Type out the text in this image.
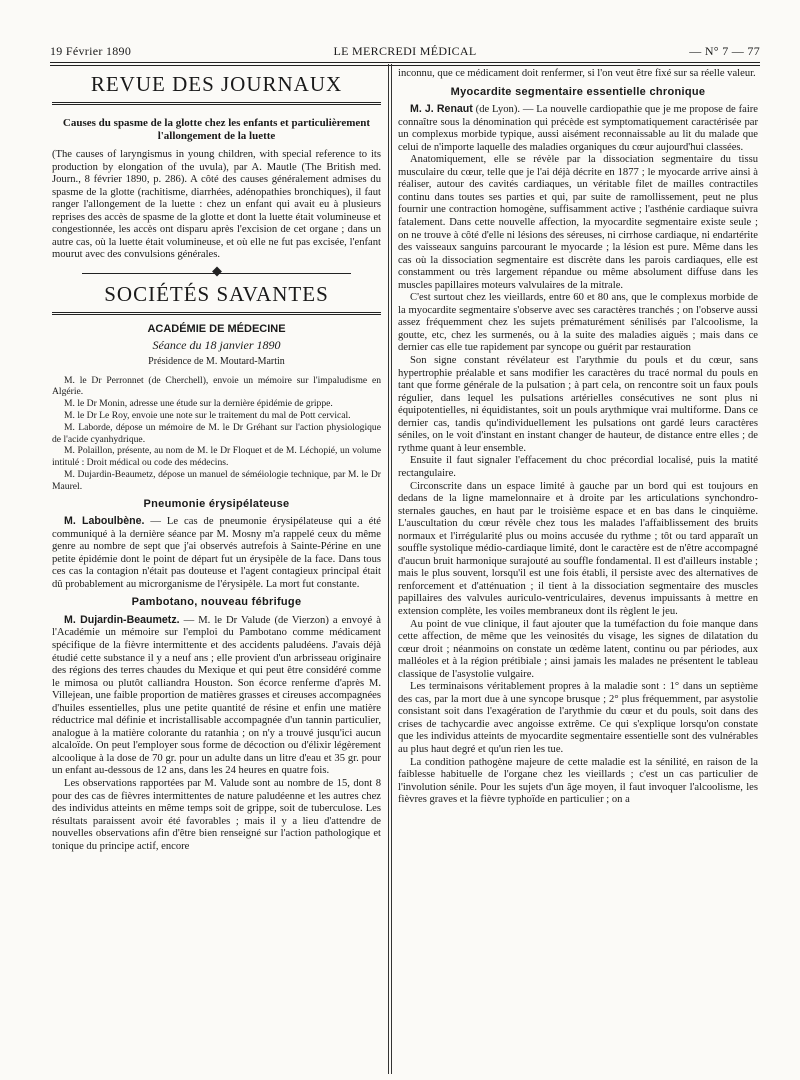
19 Février 1890	LE MERCREDI MÉDICAL	— N° 7 — 77
REVUE DES JOURNAUX
Causes du spasme de la glotte chez les enfants et particulièrement l'allongement de la luette

(The causes of laryngismus in young children, with special reference to its production by elongation of the uvula), par A. Mautle (The British med. Journ., 8 février 1890, p. 286). A côté des causes généralement admises du spasme de la glotte (rachitisme, diarrhées, adénopathies bronchiques), il faut ranger l'allongement de la luette : chez un enfant qui avait eu à plusieurs reprises des accès de spasme de la glotte et dont la luette était volumineuse et congestionnée, les accès ont disparu après l'excision de cet organe ; dans un autre cas, où la luette était volumineuse, et où elle ne fut pas excisée, l'enfant mourut avec des convulsions générales.

SOCIÉTÉS SAVANTES
ACADÉMIE DE MÉDECINE
Séance du 18 janvier 1890
Présidence de M. Moutard-Martin

M. le Dr Perronnet (de Cherchell), envoie un mémoire sur l'impaludisme en Algérie.

M. le Dr Monin, adresse une étude sur la dernière épidémie de grippe.

M. le Dr Le Roy, envoie une note sur le traitement du mal de Pott cervical.

M. Laborde, dépose un mémoire de M. le Dr Gréhant sur l'action physiologique de l'acide cyanhydrique.

M. Polaillon, présente, au nom de M. le Dr Floquet et de M. Léchopié, un volume intitulé : Droit médical ou code des médecins.

M. Dujardin-Beaumetz, dépose un manuel de séméiologie technique, par M. le Dr Maurel.

Pneumonie érysipélateuse

M. Laboulbène. — Le cas de pneumonie érysipélateuse qui a été communiqué à la dernière séance par M. Mosny m'a rappelé ceux du même genre au nombre de sept que j'ai observés autrefois à Sainte-Périne en une petite épidémie dont le point de départ fut un érysipèle de la face. Dans tous ces cas la contagion n'était pas douteuse et l'agent contagieux principal était dû probablement au microrganisme de l'érysipèle. La mort fut constante.

Pambotano, nouveau fébrifuge

M. Dujardin-Beaumetz. — M. le Dr Valude (de Vierzon) a envoyé à l'Académie un mémoire sur l'emploi du Pambotano comme médicament spécifique de la fièvre intermittente et des accidents paludéens. J'avais déjà étudié cette substance il y a neuf ans ; elle provient d'un arbrisseau originaire des régions des terres chaudes du Mexique et qui peut être considéré comme le mimosa ou plutôt calliandra Houston. Son écorce renferme d'après M. Villejean, une faible proportion de matières grasses et cireuses accompagnées d'huiles essentielles, plus une petite quantité de résine et enfin une matière réductrice mal définie et incristallisable accompagnée d'un tannin particulier, analogue à la matière colorante du ratanhia ; on n'y a trouvé jusqu'ici aucun alcaloïde. On peut l'employer sous forme de décoction ou d'élixir légèrement alcoolique à la dose de 70 gr. pour un adulte dans un litre d'eau et 35 gr. pour un enfant au-dessous de 12 ans, dans les 24 heures en quatre fois.

Les observations rapportées par M. Valude sont au nombre de 15, dont 8 pour des cas de fièvres intermittentes de nature paludéenne et les autres chez des individus atteints en même temps soit de grippe, soit de tuberculose. Les résultats paraissent avoir été favorables ; mais il y a lieu d'attendre de nouvelles observations afin d'être bien renseigné sur l'action pathologique et tonique du principe actif, encore

inconnu, que ce médicament doit renfermer, si l'on veut être fixé sur sa réelle valeur.

Myocardite segmentaire essentielle chronique

M. J. Renaut (de Lyon). — La nouvelle cardiopathie que je me propose de faire connaître sous la dénomination qui précède est symptomatiquement caractérisée par un complexus morbide typique, aussi aisément reconnaissable au lit du malade que celui de n'importe laquelle des maladies organiques du cœur aujourd'hui classées.

Anatomiquement, elle se révèle par la dissociation segmentaire du tissu musculaire du cœur, telle que je l'ai déjà décrite en 1877 ; le myocarde arrive ainsi à réaliser, autour des cavités cardiaques, un véritable filet de mailles contractiles continu dans toutes ses parties et qui, par suite de ramollissement, peut ne plus fournir une contraction homogène, suffisamment active ; l'asthénie cardiaque suivra fatalement. Dans cette nouvelle affection, la myocardite segmentaire existe seule ; on ne trouve à côté d'elle ni lésions des séreuses, ni cirrhose cardiaque, ni endartérite des vaisseaux sanguins parcourant le myocarde ; la lésion est pure. Même dans les cas où la dissociation segmentaire est discrète dans les parois cardiaques, elle est constamment ou très largement répandue ou même absolument diffuse dans les muscles papillaires moteurs valvulaires de la mitrale.

C'est surtout chez les vieillards, entre 60 et 80 ans, que le complexus morbide de la myocardite segmentaire s'observe avec ses caractères tranchés ; on l'observe aussi assez fréquemment chez les sujets prématurément sénilisés par l'alcoolisme, la goutte, etc, chez les surmenés, ou à la suite des maladies aiguës ; mais dans ce dernier cas elle tue rapidement par syncope ou guérit par restauration

Son signe constant révélateur est l'arythmie du pouls et du cœur, sans hypertrophie préalable et sans modifier les caractères du tracé normal du pouls en tant que forme générale de la pulsation ; à part cela, on rencontre soit un faux pouls régulier, dans lequel les pulsations artérielles consécutives ne sont plus ni équipotentielles, ni équidistantes, soit un pouls arythmique vrai multiforme. Dans ce dernier cas, tandis qu'individuellement les pulsations ont gardé leurs caractères séniles, on le voit d'instant en instant changer de hauteur, de distance entre elles ; de rythme quant à leur ensemble.

Ensuite il faut signaler l'effacement du choc précordial localisé, puis la matité rectangulaire.

Circonscrite dans un espace limité à gauche par un bord qui est toujours en dedans de la ligne mamelonnaire et à droite par les articulations synchondro-sternales gauches, en haut par le troisième espace et en bas dans le cinquième. L'auscultation du cœur révèle chez tous les malades l'affaiblissement des bruits normaux et l'irrégularité plus ou moins accusée du rythme ; tôt ou tard apparaît un souffle systolique médio-cardiaque limité, dont le caractère est de n'être accompagné d'aucun bruit harmonique surajouté au souffle fondamental. Il est d'ailleurs instable ; mais le plus souvent, lorsqu'il est une fois établi, il persiste avec des alternatives de renforcement et d'atténuation ; il tient à la dissociation segmentaire des muscles papillaires des valvules auriculo-ventriculaires, devenus impuissants à mettre en extension complète, les voiles membraneux dont ils règlent le jeu.

Au point de vue clinique, il faut ajouter que la tuméfaction du foie manque dans cette affection, de même que les veinosités du visage, les signes de dilatation du cœur droit ; néanmoins on constate un œdème latent, continu ou par périodes, aux malléoles et à la région prétibiale ; ainsi jamais les malades ne présentent le tableau classique de l'asystolie vulgaire.

Les terminaisons véritablement propres à la maladie sont : 1° dans un septième des cas, par la mort due à une syncope brusque ; 2° plus fréquemment, par asystolie consistant soit dans l'exagération de l'arythmie du cœur et du pouls, soit dans des crises de tachycardie avec angoisse extrême. Ce qui s'explique lorsqu'on constate que les individus atteints de myocardite segmentaire essentielle sont des vulnérables au plus haut degré et qu'un rien les tue.

La condition pathogène majeure de cette maladie est la sénilité, en raison de la faiblesse habituelle de l'organe chez les vieillards ; c'est un cas particulier de l'involution sénile. Pour les sujets d'un âge moyen, il faut invoquer l'alcoolisme, les fièvres graves et la fièvre typhoïde en particulier ; on a
